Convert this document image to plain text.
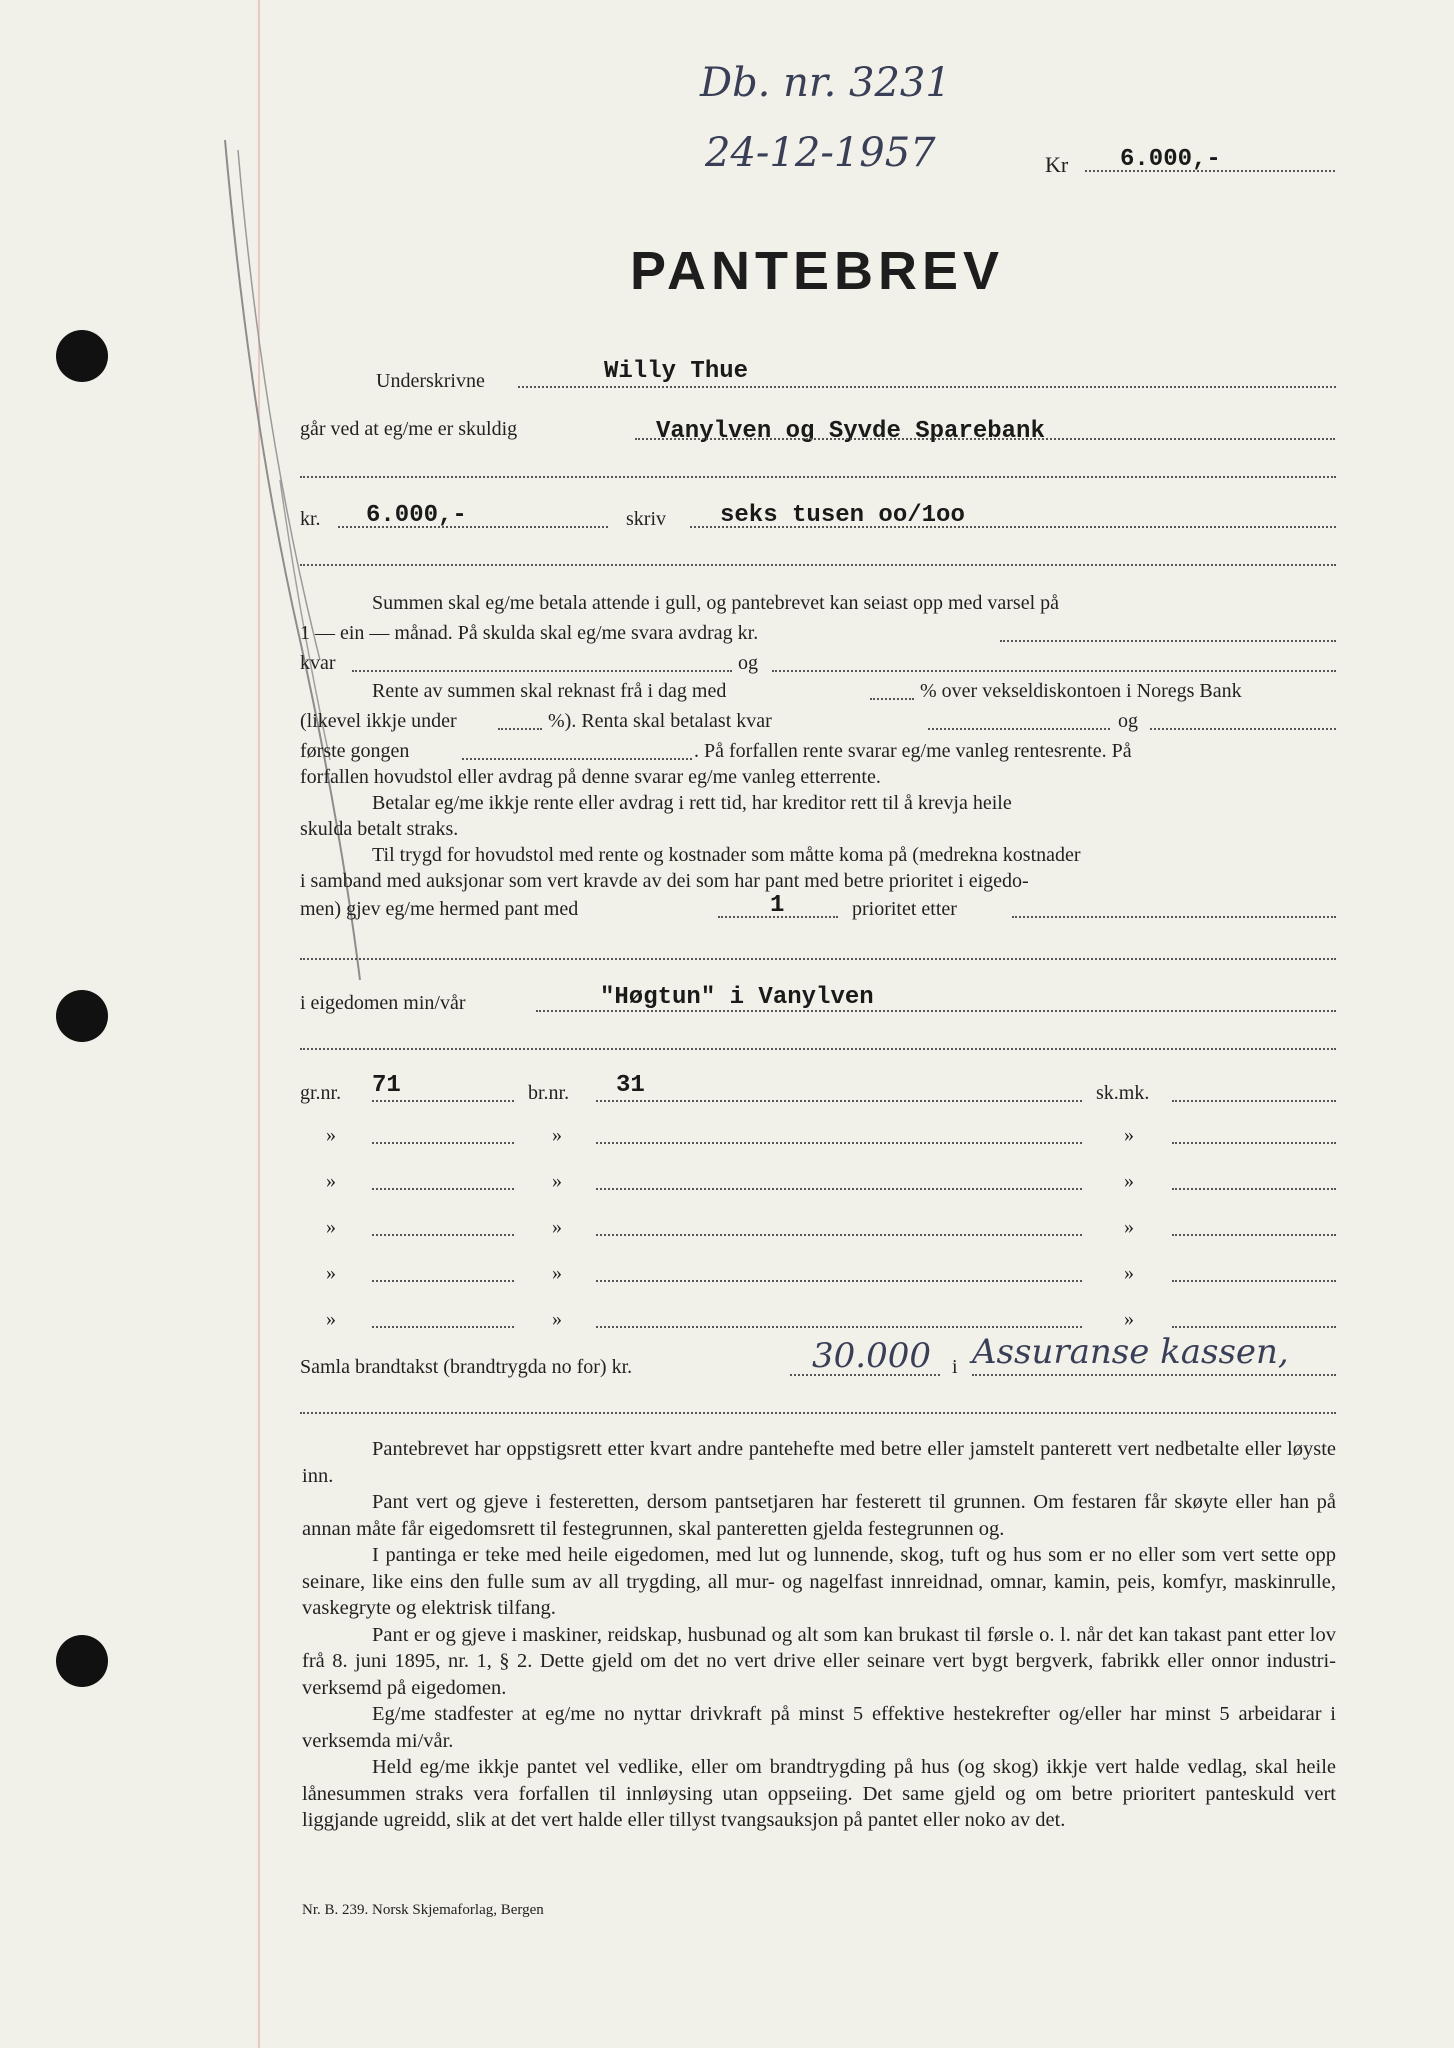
Db. nr. 3231
24-12-1957	Kr 6.000,-
PANTEBREV
Underskrivne	Willy Thue
går ved at eg/me er skuldig	Vanylven og Syvde Sparebank
kr. 6.000,-	skriv seks tusen oo/1oo
Summen skal eg/me betala attende i gull, og pantebrevet kan seiast opp med varsel på
1 — ein — månad. På skulda skal eg/me svara avdrag kr.
kvar	og
Rente av summen skal reknast frå i dag med	% over vekseldiskontoen i Noregs Bank
(likevel ikkje under	%). Renta skal betalast kvar	og
første gongen	. På forfallen rente svarar eg/me vanleg rentesrente. På
forfallen hovudstol eller avdrag på denne svarar eg/me vanleg etterrente.
Betalar eg/me ikkje rente eller avdrag i rett tid, har kreditor rett til å krevja heile
skulda betalt straks.
Til trygd for hovudstol med rente og kostnader som måtte koma på (medrekna kostnader
i samband med auksjonar som vert kravde av dei som har pant med betre prioritet i eigedo-
men) gjev eg/me hermed pant med	1	prioritet etter
i eigedomen min/vår	"Høgtun" i Vanylven
gr.nr. 71	br.nr. 31	sk.mk.
»	»	»
»	»	»
»	»	»
»	»	»
»	»	»
Samla brandtakst (brandtrygda no for) kr.	30.000 i Assuranse kassen,

Pantebrevet har oppstigsrett etter kvart andre pantehefte med betre eller jamstelt panterett vert nedbetalte eller løyste inn.

Pant vert og gjeve i festeretten, dersom pantsetjaren har festerett til grunnen. Om festaren får skøyte eller han på annan måte får eigedomsrett til festegrunnen, skal panteretten gjelda festegrunnen og.

I pantinga er teke med heile eigedomen, med lut og lunnende, skog, tuft og hus som er no eller som vert sette opp seinare, like eins den fulle sum av all trygding, all mur- og nagelfast innreidnad, omnar, kamin, peis, komfyr, maskinrulle, vaskegryte og elektrisk tilfang.

Pant er og gjeve i maskiner, reidskap, husbunad og alt som kan brukast til førsle o. l. når det kan takast pant etter lov frå 8. juni 1895, nr. 1, § 2. Dette gjeld om det no vert drive eller seinare vert bygt bergverk, fabrikk eller onnor industri-verksemd på eigedomen.

Eg/me stadfester at eg/me no nyttar drivkraft på minst 5 effektive hestekrefter og/eller har minst 5 arbeidarar i verksemda mi/vår.

Held eg/me ikkje pantet vel vedlike, eller om brandtrygding på hus (og skog) ikkje vert halde vedlag, skal heile lånesummen straks vera forfallen til innløysing utan oppseiing. Det same gjeld og om betre prioritert panteskuld vert liggjande ugreidd, slik at det vert halde eller tillyst tvangsauksjon på pantet eller noko av det.

Nr. B. 239. Norsk Skjemaforlag, Bergen
